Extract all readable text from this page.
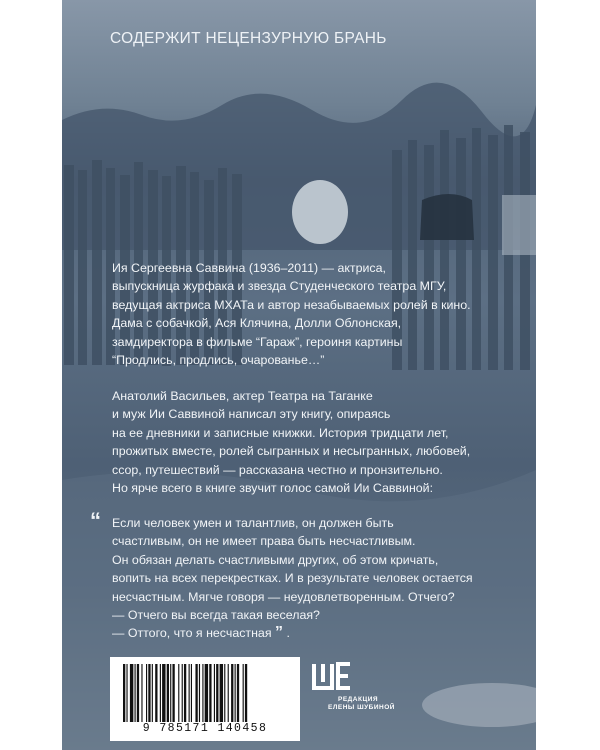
СОДЕРЖИТ НЕЦЕНЗУРНУЮ БРАНЬ
Ия Сергеевна Саввина (1936–2011) — актриса,
выпускница журфака и звезда Студенческого театра МГУ,
ведущая актриса МХАТа и автор незабываемых ролей в кино.
Дама с собачкой, Ася Клячина, Долли Облонская,
замдиректора в фильме “Гараж”, героиня картины
“Продлись, продлись, очарованье…”
Анатолий Васильев, актер Театра на Таганке
и муж Ии Саввиной написал эту книгу, опираясь
на ее дневники и записные книжки. История тридцати лет,
прожитых вместе, ролей сыгранных и несыгранных, любовей,
ссор, путешествий — рассказана честно и пронзительно.
Но ярче всего в книге звучит голос самой Ии Саввиной:
“ Если человек умен и талантлив, он должен быть
счастливым, он не имеет права быть несчастливым.
Он обязан делать счастливыми других, об этом кричать,
вопить на всех перекрестках. И в результате человек остается
несчастным. Мягче говоря — неудовлетворенным. Отчего?
— Отчего вы всегда такая веселая?
— Оттого, что я несчастная ” .
9 785171 140458
РЕДАКЦИЯ
ЕЛЕНЫ ШУБИНОЙ
